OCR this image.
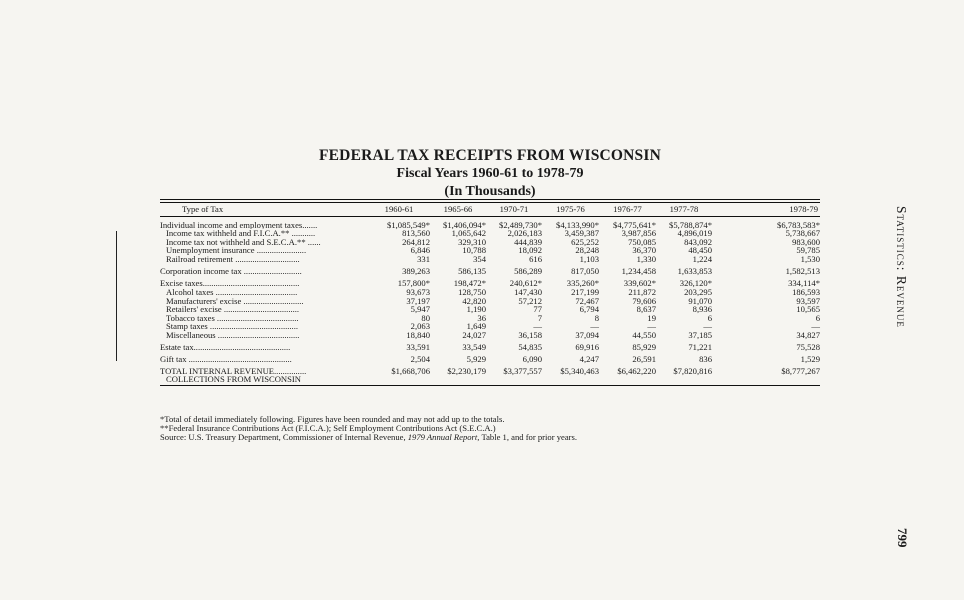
FEDERAL TAX RECEIPTS FROM WISCONSIN
Fiscal Years 1960-61 to 1978-79
(In Thousands)
Type of Tax	1960-61	1965-66	1970-71	1975-76	1976-77	1977-78	1978-79
Individual income and employment taxes.......	$1,085,549*	$1,406,094*	$2,489,730*	$4,133,990*	$4,775,641*	$5,788,874*	$6,783,583*
Income tax withheld and F.I.C.A.** ...........	813,560	1,065,642	2,026,183	3,459,387	3,987,856	4,896,019	5,738,667
Income tax not withheld and S.E.C.A.** ......	264,812	329,310	444,839	625,252	750,085	843,092	983,600
Unemployment insurance .......................	6,846	10,788	18,092	28,248	36,370	48,450	59,785
Railroad retirement ..............................	331	354	616	1,103	1,330	1,224	1,530
Corporation income tax ...........................	389,263	586,135	586,289	817,050	1,234,458	1,633,853	1,582,513
Excise taxes.............................................	157,800*	198,472*	240,612*	335,260*	339,602*	326,120*	334,114*
Alcohol taxes ......................................	93,673	128,750	147,430	217,199	211,872	203,295	186,593
Manufacturers' excise ............................	37,197	42,820	57,212	72,467	79,606	91,070	93,597
Retailers' excise ...................................	5,947	1,190	77	6,794	8,637	8,936	10,565
Tobacco taxes ......................................	80	36	7	8	19	6	6
Stamp taxes .........................................	2,063	1,649	—	—	—	—	—
Miscellaneous ......................................	18,840	24,027	36,158	37,094	44,550	37,185	34,827
Estate tax.............................................	33,591	33,549	54,835	69,916	85,929	71,221	75,528
Gift tax ................................................	2,504	5,929	6,090	4,247	26,591	836	1,529
TOTAL INTERNAL REVENUE...............	$1,668,706	$2,230,179	$3,377,557	$5,340,463	$6,462,220	$7,820,816	$8,777,267
COLLECTIONS FROM WISCONSIN
*Total of detail immediately following. Figures have been rounded and may not add up to the totals.
**Federal Insurance Contributions Act (F.I.C.A.); Self Employment Contributions Act (S.E.C.A.)
Source: U.S. Treasury Department, Commissioner of Internal Revenue, 1979 Annual Report, Table 1, and for prior years.
Statistics: Revenue
799
